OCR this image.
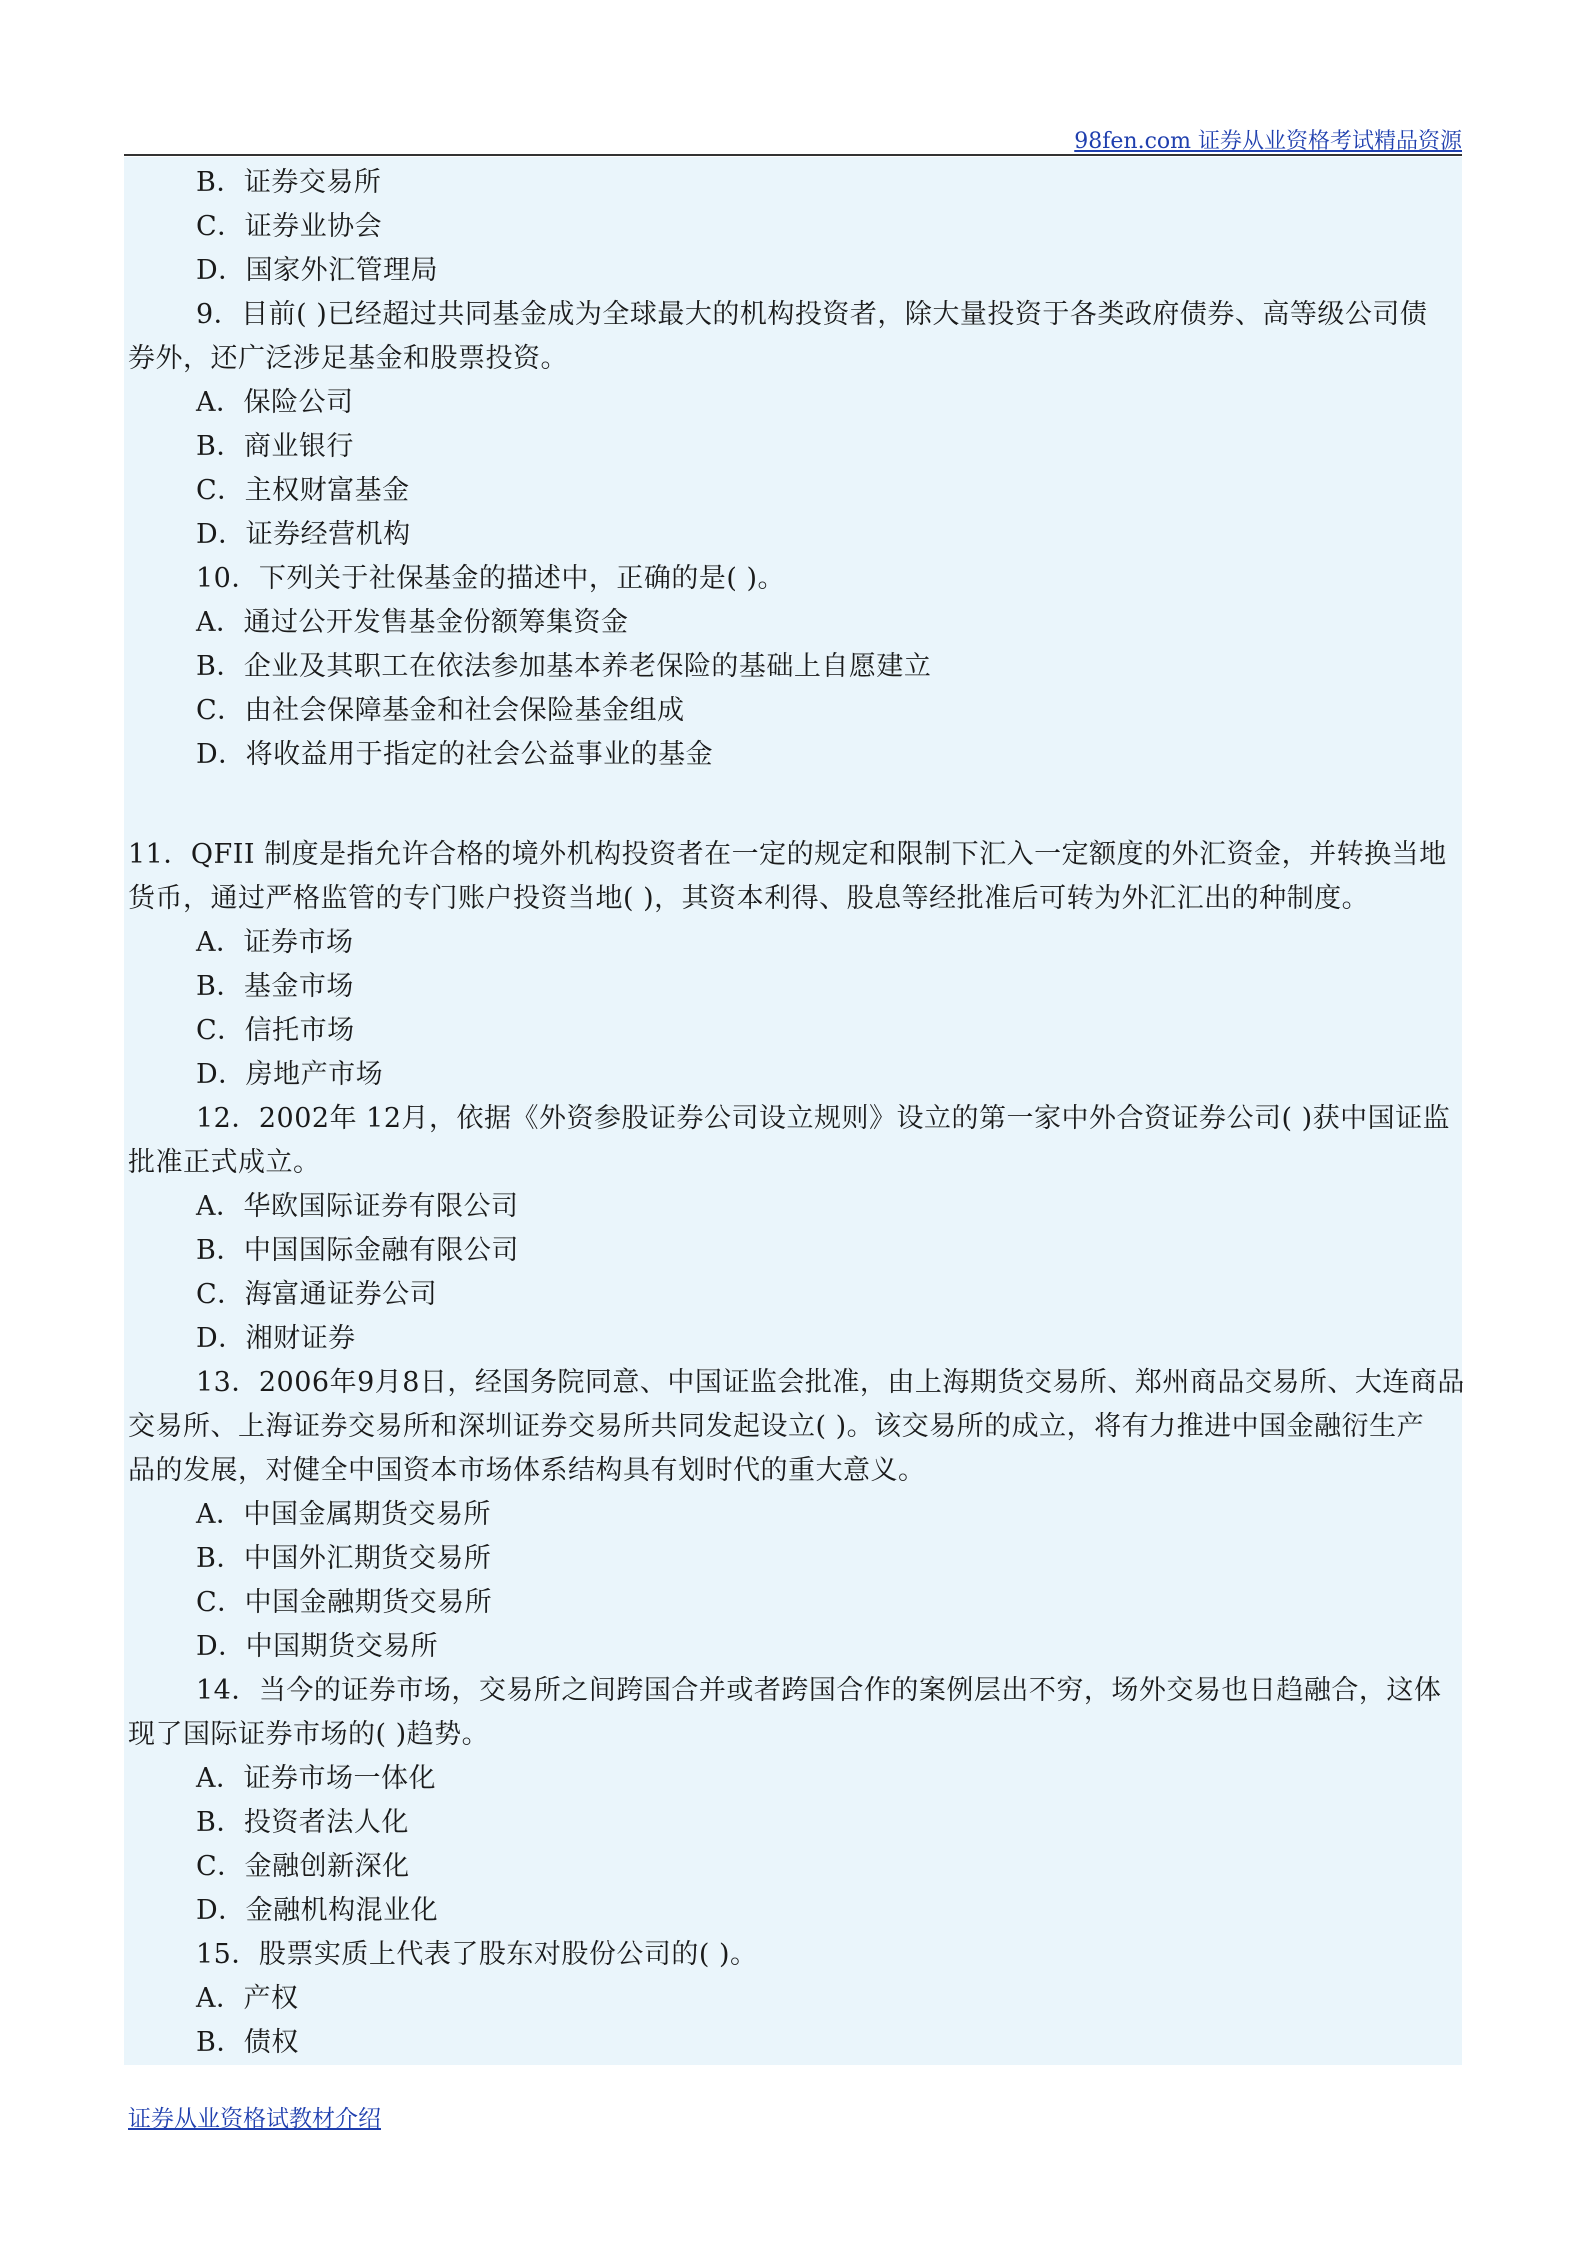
98fen.com 证券从业资格考试精品资源
B．证券交易所
C．证券业协会
D．国家外汇管理局
9．目前( )已经超过共同基金成为全球最大的机构投资者，除大量投资于各类政府债券、高等级公司债
券外，还广泛涉足基金和股票投资。
A．保险公司
B．商业银行
C．主权财富基金
D．证券经营机构
10．下列关于社保基金的描述中，正确的是( )。
A．通过公开发售基金份额筹集资金
B．企业及其职工在依法参加基本养老保险的基础上自愿建立
C．由社会保障基金和社会保险基金组成
D．将收益用于指定的社会公益事业的基金
11．QFII 制度是指允许合格的境外机构投资者在一定的规定和限制下汇入一定额度的外汇资金，并转换当地
货币，通过严格监管的专门账户投资当地( )，其资本利得、股息等经批准后可转为外汇汇出的种制度。
A．证券市场
B．基金市场
C．信托市场
D．房地产市场
12．2002年 12月，依据《外资参股证券公司设立规则》设立的第一家中外合资证券公司( )获中国证监
批准正式成立。
A．华欧国际证券有限公司
B．中国国际金融有限公司
C．海富通证券公司
D．湘财证券
13．2006年9月8日，经国务院同意、中国证监会批准，由上海期货交易所、郑州商品交易所、大连商品
交易所、上海证券交易所和深圳证券交易所共同发起设立( )。该交易所的成立，将有力推进中国金融衍生产
品的发展，对健全中国资本市场体系结构具有划时代的重大意义。
A．中国金属期货交易所
B．中国外汇期货交易所
C．中国金融期货交易所
D．中国期货交易所
14．当今的证券市场，交易所之间跨国合并或者跨国合作的案例层出不穷，场外交易也日趋融合，这体
现了国际证券市场的( )趋势。
A．证券市场一体化
B．投资者法人化
C．金融创新深化
D．金融机构混业化
15．股票实质上代表了股东对股份公司的( )。
A．产权
B．债权
证券从业资格试教材介绍
